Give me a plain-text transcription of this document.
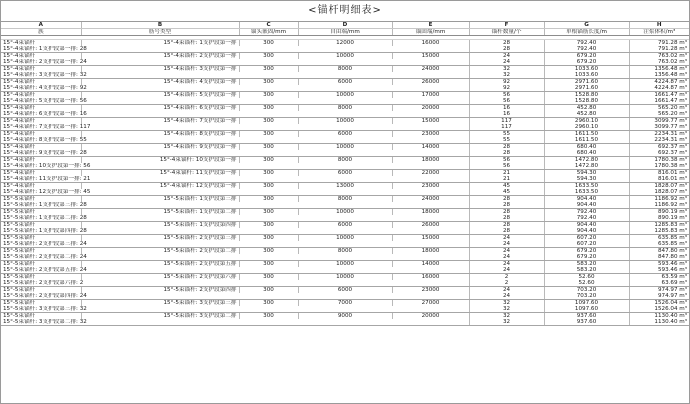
<锚杆明细表>
A	B	C	D	E	F	G	H
族	筋号类型	锚头嵌固/mm	自由端/mm	锚固端/mm	锚杆数量/个	单根锚筋长度/m	注浆体积/m³

15°-4束锚杆	15°-4束锚杆: 1支护段第一排	300	12000	16000	28	792.40	791.28 m³
15°-4束锚杆: 1支护段第一排: 28					28	792.40	791.28 m³
15°-4束锚杆	15°-4束锚杆: 2支护段第一排	300	10000	15000	24	679.20	763.02 m³
15°-4束锚杆: 2支护段第一排: 24					24	679.20	763.02 m³
15°-4束锚杆	15°-4束锚杆: 3支护段第一排	300	8000	24000	32	1033.60	1356.48 m³
15°-4束锚杆: 3支护段第一排: 32					32	1033.60	1356.48 m³
15°-4束锚杆	15°-4束锚杆: 4支护段第一排	300	6000	26000	92	2971.60	4224.87 m³
15°-4束锚杆: 4支护段第一排: 92					92	2971.60	4224.87 m³
15°-4束锚杆	15°-4束锚杆: 5支护段第一排	300	10000	17000	56	1528.80	1661.47 m³
15°-4束锚杆: 5支护段第一排: 56					56	1528.80	1661.47 m³
15°-4束锚杆	15°-4束锚杆: 6支护段第一排	300	8000	20000	16	452.80	565.20 m³
15°-4束锚杆: 6支护段第一排: 16					16	452.80	565.20 m³
15°-4束锚杆	15°-4束锚杆: 7支护段第一排	300	10000	15000	117	2960.10	3099.77 m³
15°-4束锚杆: 7支护段第一排: 117					117	2960.10	3099.77 m³
15°-4束锚杆	15°-4束锚杆: 8支护段第一排	300	6000	23000	55	1611.50	2234.31 m³
15°-4束锚杆: 8支护段第一排: 55					55	1611.50	2234.31 m³
15°-4束锚杆	15°-4束锚杆: 9支护段第一排	300	10000	14000	28	680.40	692.37 m³
15°-4束锚杆: 9支护段第一排: 28					28	680.40	692.37 m³
15°-4束锚杆	15°-4束锚杆: 10支护段第一排	300	8000	18000	56	1472.80	1780.38 m³
15°-4束锚杆: 10支护段第一排: 56					56	1472.80	1780.38 m³
15°-4束锚杆	15°-4束锚杆: 11支护段第一排	300	6000	22000	21	594.30	816.01 m³
15°-4束锚杆: 11支护段第一排: 21					21	594.30	816.01 m³
15°-4束锚杆	15°-4束锚杆: 12支护段第一排	300	13000	23000	45	1633.50	1828.07 m³
15°-4束锚杆: 12支护段第一排: 45					45	1633.50	1828.07 m³
15°-5束锚杆	15°-5束锚杆: 1支护段第三排	300	8000	24000	28	904.40	1186.92 m³
15°-5束锚杆: 1支护段第三排: 28					28	904.40	1186.92 m³
15°-5束锚杆	15°-5束锚杆: 1支护段第二排	300	10000	18000	28	792.40	890.19 m³
15°-5束锚杆: 1支护段第二排: 28					28	792.40	890.19 m³
15°-5束锚杆	15°-5束锚杆: 1支护段第四排	300	6000	26000	28	904.40	1285.83 m³
15°-5束锚杆: 1支护段第四排: 28					28	904.40	1285.83 m³
15°-5束锚杆	15°-5束锚杆: 2支护段第三排	300	10000	15000	24	607.20	635.85 m³
15°-5束锚杆: 2支护段第三排: 24					24	607.20	635.85 m³
15°-5束锚杆	15°-5束锚杆: 2支护段第二排	300	8000	18000	24	679.20	847.80 m³
15°-5束锚杆: 2支护段第二排: 24					24	679.20	847.80 m³
15°-5束锚杆	15°-5束锚杆: 2支护段第五排	300	10000	14000	24	583.20	593.46 m³
15°-5束锚杆: 2支护段第五排: 24					24	583.20	593.46 m³
15°-5束锚杆	15°-5束锚杆: 2支护段第六排	300	10000	16000	2	52.60	63.59 m³
15°-5束锚杆: 2支护段第六排: 2					2	52.60	63.69 m³
15°-5束锚杆	15°-5束锚杆: 2支护段第四排	300	6000	23000	24	703.20	974.97 m³
15°-5束锚杆: 2支护段第四排: 24					24	703.20	974.97 m³
15°-5束锚杆	15°-5束锚杆: 3支护段第三排	300	7000	27000	32	1097.60	1526.04 m³
15°-5束锚杆: 3支护段第三排: 32					32	1097.60	1526.04 m³
15°-5束锚杆	15°-5束锚杆: 3支护段第二排	300	9000	20000	32	937.60	1130.40 m³
15°-5束锚杆: 3支护段第二排: 32					32	937.60	1130.40 m³
